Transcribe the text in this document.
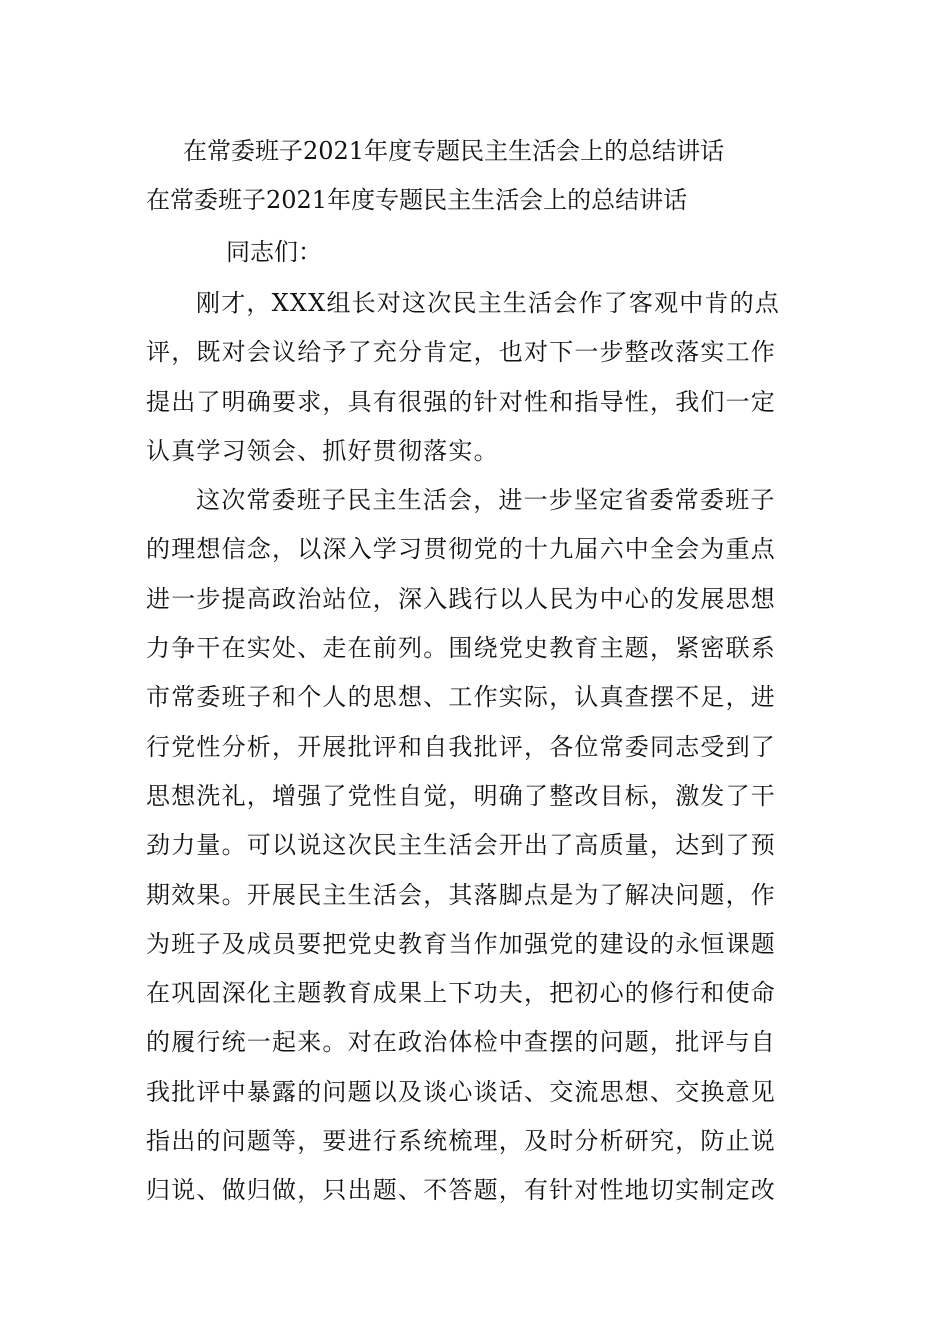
在常委班子2021年度专题民主生活会上的总结讲话
在常委班子2021年度专题民主生活会上的总结讲话
同志们：
刚才，XXX组长对这次民主生活会作了客观中肯的点
评，既对会议给予了充分肯定，也对下一步整改落实工作
提出了明确要求，具有很强的针对性和指导性，我们一定
认真学习领会、抓好贯彻落实。
这次常委班子民主生活会，进一步坚定省委常委班子
的理想信念，以深入学习贯彻党的十九届六中全会为重点
进一步提高政治站位，深入践行以人民为中心的发展思想
力争干在实处、走在前列。围绕党史教育主题，紧密联系
市常委班子和个人的思想、工作实际，认真查摆不足，进
行党性分析，开展批评和自我批评，各位常委同志受到了
思想洗礼，增强了党性自觉，明确了整改目标，激发了干
劲力量。可以说这次民主生活会开出了高质量，达到了预
期效果。开展民主生活会，其落脚点是为了解决问题，作
为班子及成员要把党史教育当作加强党的建设的永恒课题
在巩固深化主题教育成果上下功夫，把初心的修行和使命
的履行统一起来。对在政治体检中查摆的问题，批评与自
我批评中暴露的问题以及谈心谈话、交流思想、交换意见
指出的问题等，要进行系统梳理，及时分析研究，防止说
归说、做归做，只出题、不答题，有针对性地切实制定改
